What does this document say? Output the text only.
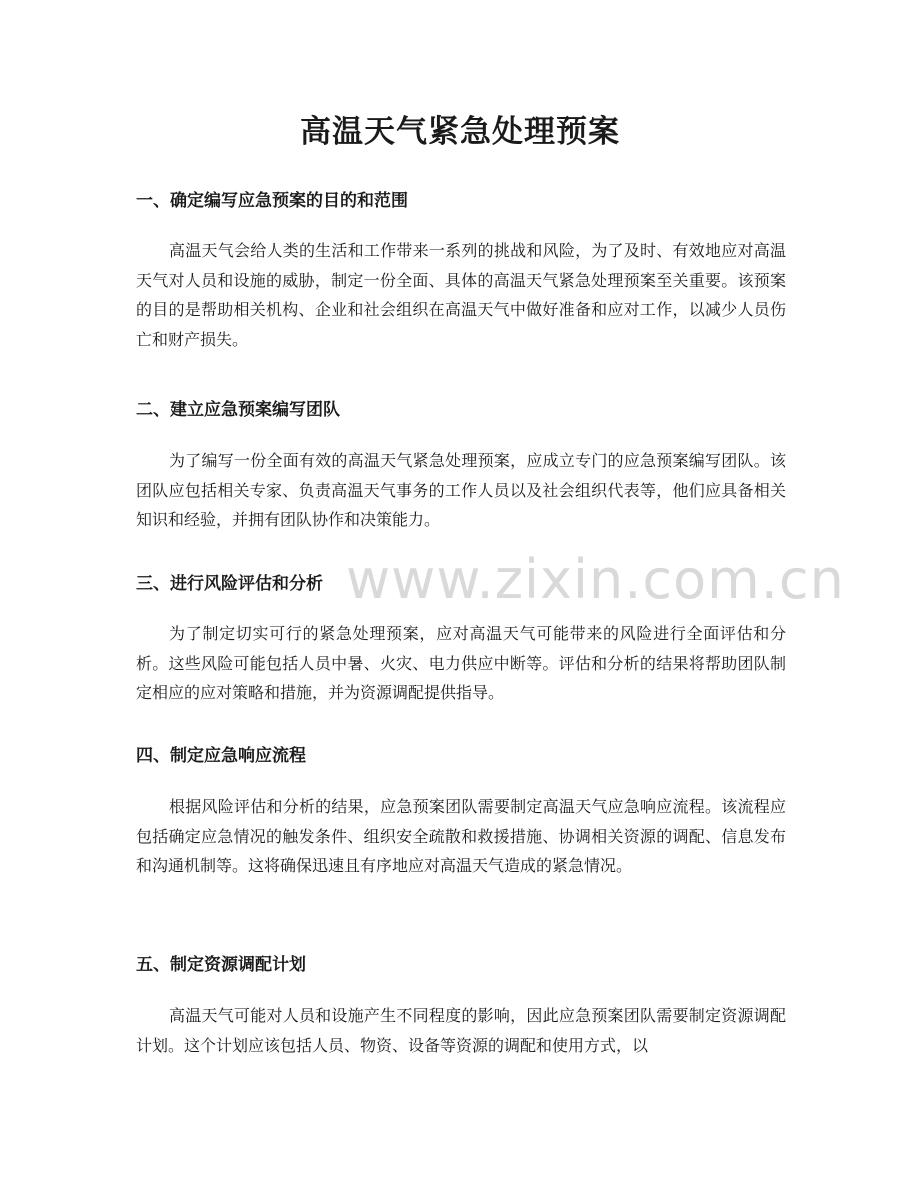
www.zixin.com.cn
高温天气紧急处理预案
一、确定编写应急预案的目的和范围

高温天气会给人类的生活和工作带来一系列的挑战和风险，为了及时、有效地应对高温天气对人员和设施的威胁，制定一份全面、具体的高温天气紧急处理预案至关重要。该预案的目的是帮助相关机构、企业和社会组织在高温天气中做好准备和应对工作，以减少人员伤亡和财产损失。

二、建立应急预案编写团队

为了编写一份全面有效的高温天气紧急处理预案，应成立专门的应急预案编写团队。该团队应包括相关专家、负责高温天气事务的工作人员以及社会组织代表等，他们应具备相关知识和经验，并拥有团队协作和决策能力。

三、进行风险评估和分析

为了制定切实可行的紧急处理预案，应对高温天气可能带来的风险进行全面评估和分析。这些风险可能包括人员中暑、火灾、电力供应中断等。评估和分析的结果将帮助团队制定相应的应对策略和措施，并为资源调配提供指导。

四、制定应急响应流程

根据风险评估和分析的结果，应急预案团队需要制定高温天气应急响应流程。该流程应包括确定应急情况的触发条件、组织安全疏散和救援措施、协调相关资源的调配、信息发布和沟通机制等。这将确保迅速且有序地应对高温天气造成的紧急情况。

五、制定资源调配计划

高温天气可能对人员和设施产生不同程度的影响，因此应急预案团队需要制定资源调配计划。这个计划应该包括人员、物资、设备等资源的调配和使用方式，以
